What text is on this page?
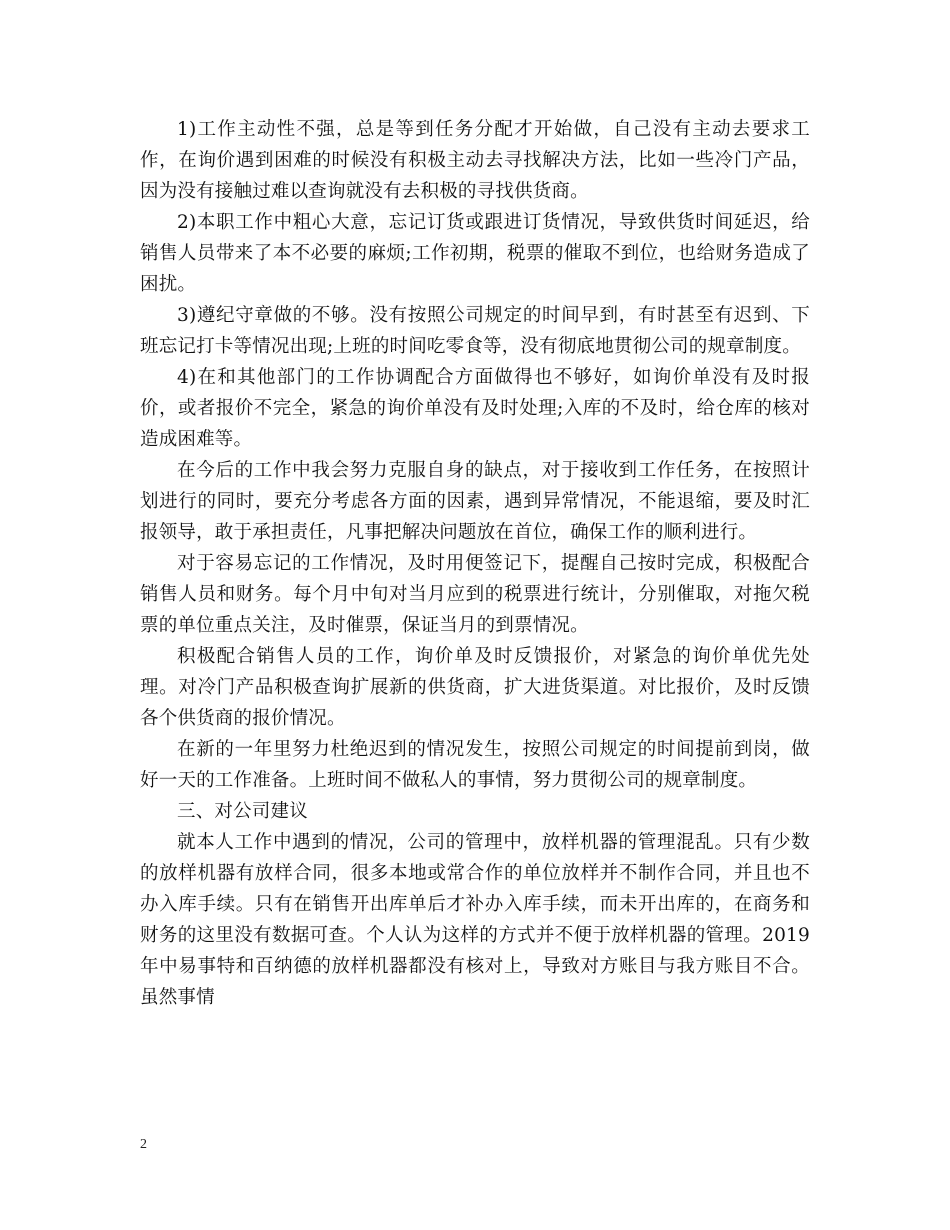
1)工作主动性不强，总是等到任务分配才开始做，自己没有主动去要求工作，在询价遇到困难的时候没有积极主动去寻找解决方法，比如一些冷门产品，因为没有接触过难以查询就没有去积极的寻找供货商。

2)本职工作中粗心大意，忘记订货或跟进订货情况，导致供货时间延迟，给销售人员带来了本不必要的麻烦;工作初期，税票的催取不到位，也给财务造成了困扰。

3)遵纪守章做的不够。没有按照公司规定的时间早到，有时甚至有迟到、下班忘记打卡等情况出现;上班的时间吃零食等，没有彻底地贯彻公司的规章制度。

4)在和其他部门的工作协调配合方面做得也不够好，如询价单没有及时报价，或者报价不完全，紧急的询价单没有及时处理;入库的不及时，给仓库的核对造成困难等。

在今后的工作中我会努力克服自身的缺点，对于接收到工作任务，在按照计划进行的同时，要充分考虑各方面的因素，遇到异常情况，不能退缩，要及时汇报领导，敢于承担责任，凡事把解决问题放在首位，确保工作的顺利进行。

对于容易忘记的工作情况，及时用便签记下，提醒自己按时完成，积极配合销售人员和财务。每个月中旬对当月应到的税票进行统计，分别催取，对拖欠税票的单位重点关注，及时催票，保证当月的到票情况。

积极配合销售人员的工作，询价单及时反馈报价，对紧急的询价单优先处理。对冷门产品积极查询扩展新的供货商，扩大进货渠道。对比报价，及时反馈各个供货商的报价情况。

在新的一年里努力杜绝迟到的情况发生，按照公司规定的时间提前到岗，做好一天的工作准备。上班时间不做私人的事情，努力贯彻公司的规章制度。

三、对公司建议

就本人工作中遇到的情况，公司的管理中，放样机器的管理混乱。只有少数的放样机器有放样合同，很多本地或常合作的单位放样并不制作合同，并且也不办入库手续。只有在销售开出库单后才补办入库手续，而未开出库的，在商务和财务的这里没有数据可查。个人认为这样的方式并不便于放样机器的管理。2019年中易事特和百纳德的放样机器都没有核对上，导致对方账目与我方账目不合。虽然事情

2
